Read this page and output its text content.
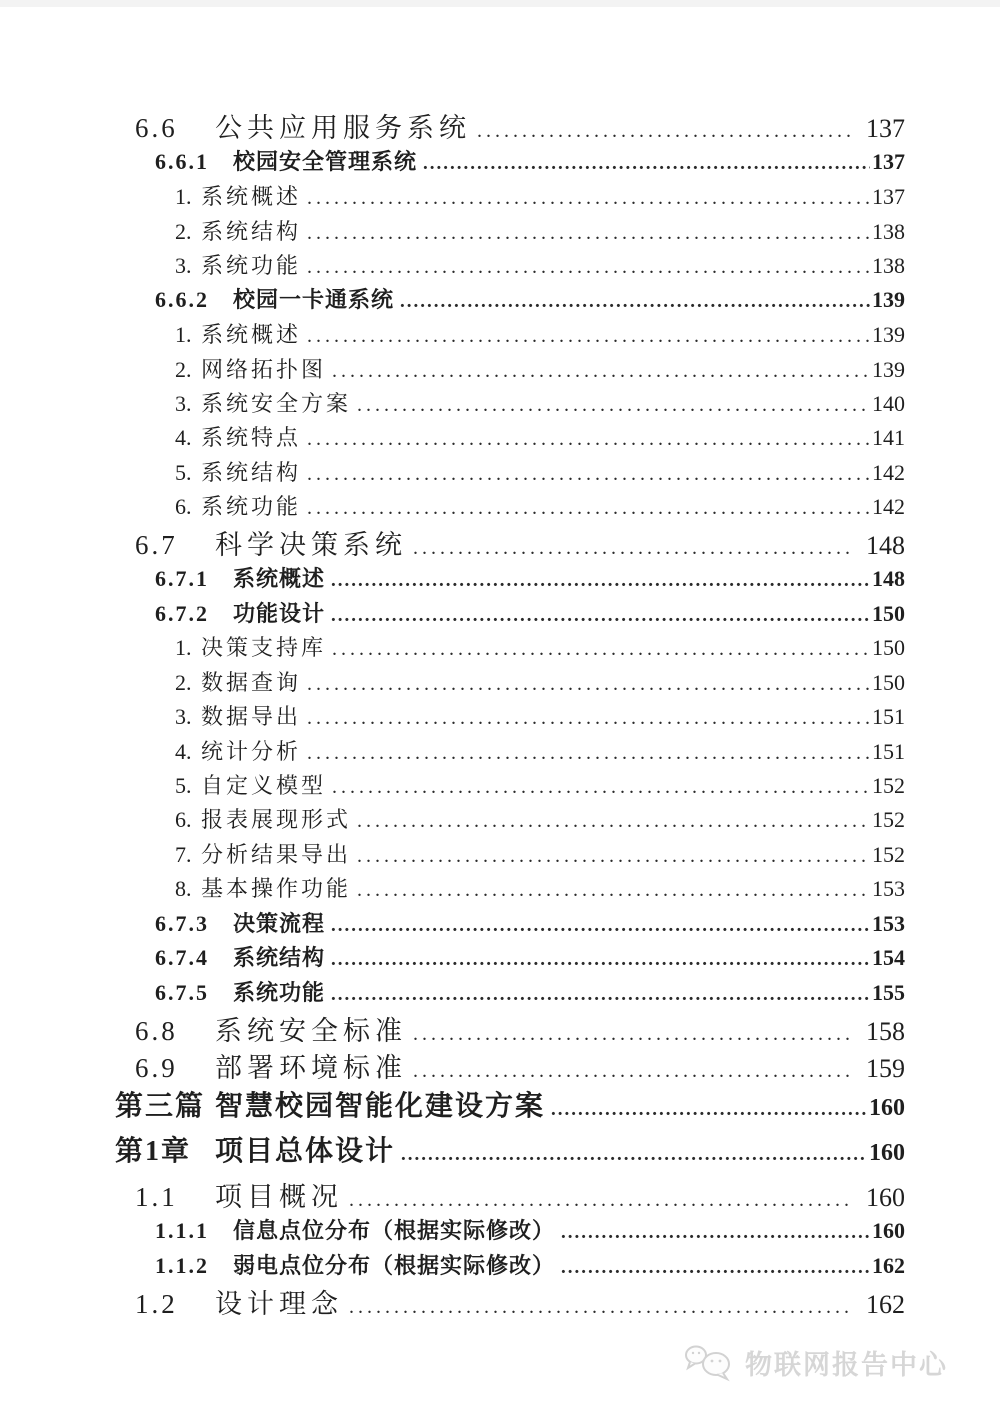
6.6	公共应用服务系统 .....	137
6.6.1	校园安全管理系统 .....	137
1. 系统概述 .....	137
2. 系统结构 .....	138
3. 系统功能 .....	138
6.6.2	校园一卡通系统 .....	139
1. 系统概述 .....	139
2. 网络拓扑图 .....	139
3. 系统安全方案 .....	140
4. 系统特点 .....	141
5. 系统结构 .....	142
6. 系统功能 .....	142
6.7	科学决策系统 .....	148
6.7.1	系统概述 .....	148
6.7.2	功能设计 .....	150
1. 决策支持库 .....	150
2. 数据查询 .....	150
3. 数据导出 .....	151
4. 统计分析 .....	151
5. 自定义模型 .....	152
6. 报表展现形式 .....	152
7. 分析结果导出 .....	152
8. 基本操作功能 .....	153
6.7.3	决策流程 .....	153
6.7.4	系统结构 .....	154
6.7.5	系统功能 .....	155
6.8	系统安全标准 .....	158
6.9	部署环境标准 .....	159
第三篇 智慧校园智能化建设方案 .....	160
第1章 项目总体设计 .....	160
1.1	项目概况 .....	160
1.1.1	信息点位分布（根据实际修改） .....	160
1.1.2	弱电点位分布（根据实际修改） .....	162
1.2	设计理念 .....	162
物联网报告中心
